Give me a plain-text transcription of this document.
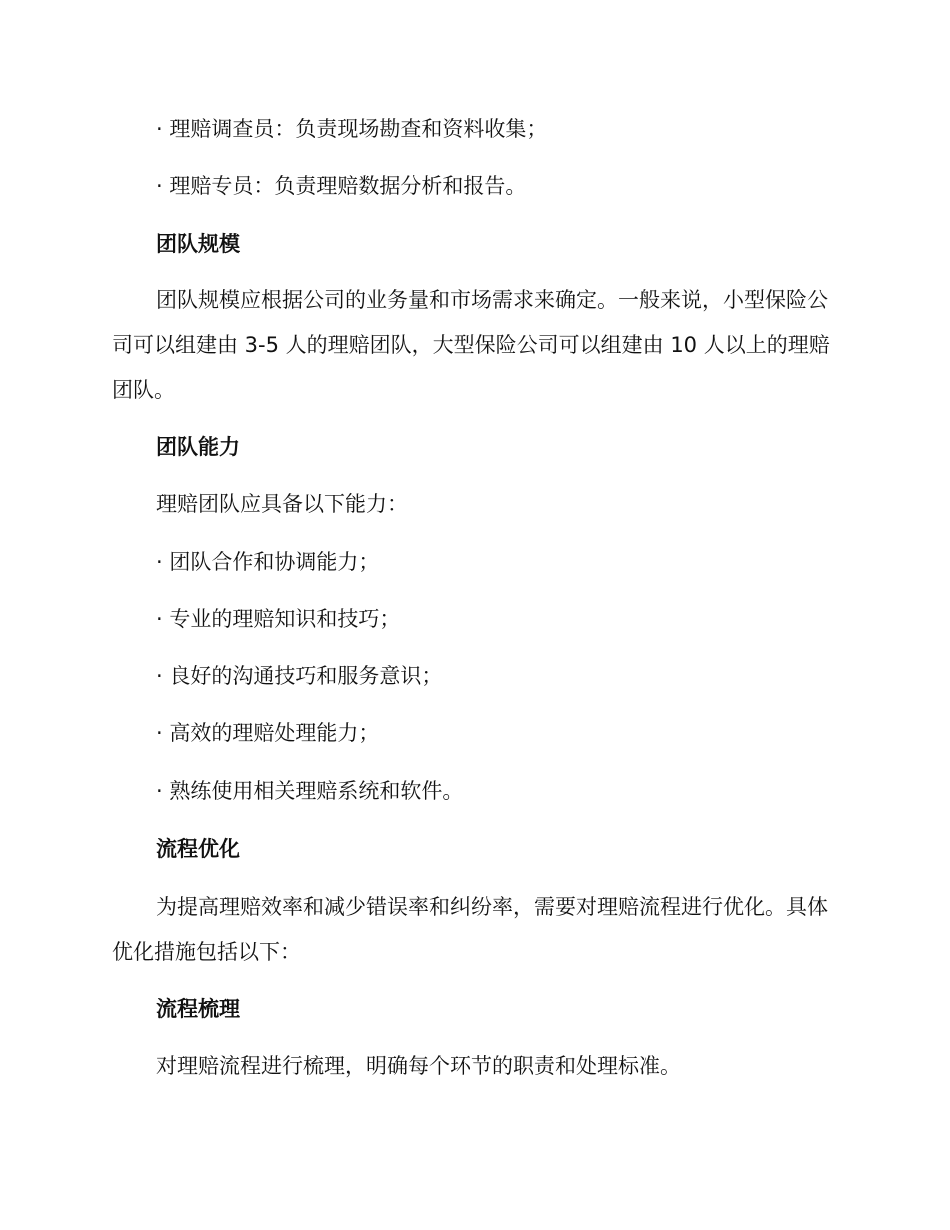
· 理赔调查员：负责现场勘查和资料收集；
· 理赔专员：负责理赔数据分析和报告。
团队规模
团队规模应根据公司的业务量和市场需求来确定。一般来说，小型保险公司可以组建由 3-5 人的理赔团队，大型保险公司可以组建由 10 人以上的理赔团队。
团队能力
理赔团队应具备以下能力：
· 团队合作和协调能力；
· 专业的理赔知识和技巧；
· 良好的沟通技巧和服务意识；
· 高效的理赔处理能力；
· 熟练使用相关理赔系统和软件。
流程优化
为提高理赔效率和减少错误率和纠纷率，需要对理赔流程进行优化。具体优化措施包括以下：
流程梳理
对理赔流程进行梳理，明确每个环节的职责和处理标准。
